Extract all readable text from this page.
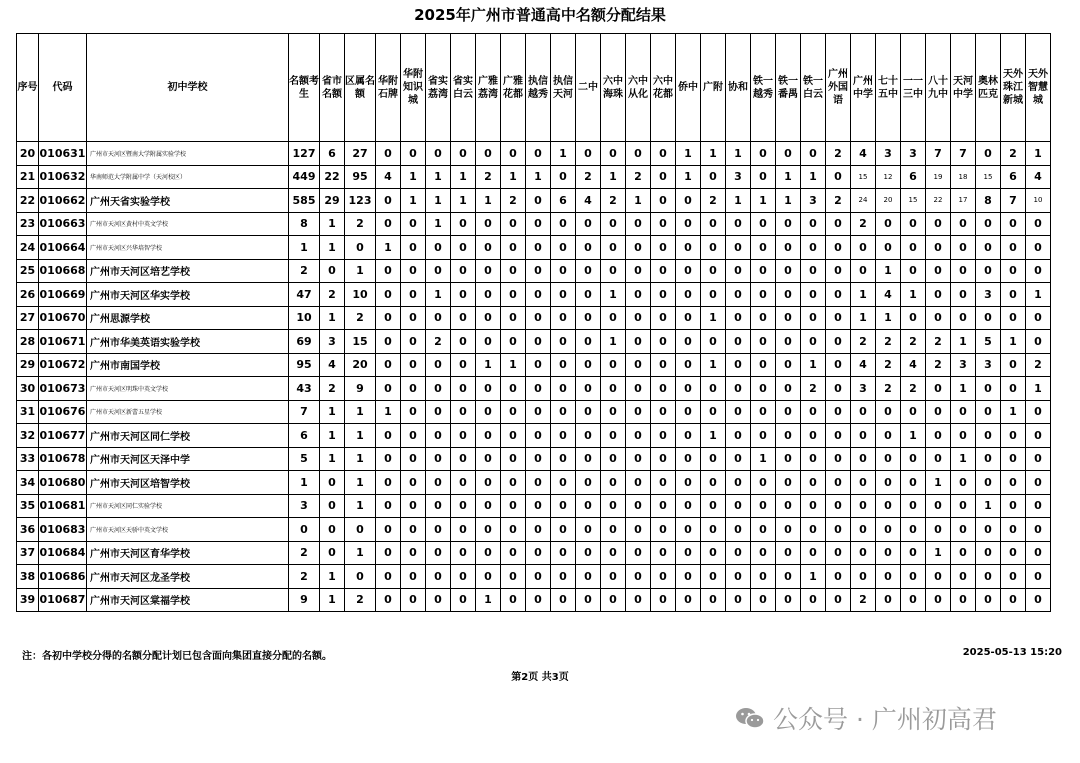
2025年广州市普通高中名额分配结果
序号	代码	初中学校	名额考生	省市名额	区属名额	华附石牌	华附知识城	省实荔湾	省实白云	广雅荔湾	广雅花都	执信越秀	执信天河	二中	六中海珠	六中从化	六中花都	侨中	广附	协和	铁一越秀	铁一番禺	铁一白云	广州外国语	广州中学	七十五中	一一三中	八十九中	天河中学	奥林匹克	天外珠江新城	天外智慧城
20	010631	广州市天河区暨南大学附属实验学校	127	6	27	0	0	0	0	0	0	0	1	0	0	0	0	1	1	1	0	0	0	2	4	3	3	7	7	0	2	1
21	010632	华南师范大学附属中学（天河校区）	449	22	95	4	1	1	1	2	1	1	0	2	1	2	0	1	0	3	0	1	1	0	15	12	6	19	18	15	6	4
22	010662	广州天省实验学校	585	29	123	0	1	1	1	1	2	0	6	4	2	1	0	0	2	1	1	1	3	2	24	20	15	22	17	8	7	10
23	010663	广州市天河区黄村中英文学校	8	1	2	0	0	1	0	0	0	0	0	0	0	0	0	0	0	0	0	0	0	0	2	0	0	0	0	0	0	0
24	010664	广州市天河区兴华培智学校	1	1	0	1	0	0	0	0	0	0	0	0	0	0	0	0	0	0	0	0	0	0	0	0	0	0	0	0	0	0
25	010668	广州市天河区培艺学校	2	0	1	0	0	0	0	0	0	0	0	0	0	0	0	0	0	0	0	0	0	0	0	1	0	0	0	0	0	0
26	010669	广州市天河区华实学校	47	2	10	0	0	1	0	0	0	0	0	0	1	0	0	0	0	0	0	0	0	0	1	4	1	0	0	3	0	1
27	010670	广州思源学校	10	1	2	0	0	0	0	0	0	0	0	0	0	0	0	0	1	0	0	0	0	0	1	1	0	0	0	0	0	0
28	010671	广州市华美英语实验学校	69	3	15	0	0	2	0	0	0	0	0	0	1	0	0	0	0	0	0	0	0	0	2	2	2	2	1	5	1	0
29	010672	广州市南国学校	95	4	20	0	0	0	0	1	1	0	0	0	0	0	0	0	1	0	0	0	1	0	4	2	4	2	3	3	0	2
30	010673	广州市天河区明珠中英文学校	43	2	9	0	0	0	0	0	0	0	0	0	0	0	0	0	0	0	0	0	2	0	3	2	2	0	1	0	0	1
31	010676	广州市天河区新蕾五星学校	7	1	1	1	0	0	0	0	0	0	0	0	0	0	0	0	0	0	0	0	0	0	0	0	0	0	0	0	1	0
32	010677	广州市天河区同仁学校	6	1	1	0	0	0	0	0	0	0	0	0	0	0	0	0	1	0	0	0	0	0	0	0	1	0	0	0	0	0
33	010678	广州市天河区天泽中学	5	1	1	0	0	0	0	0	0	0	0	0	0	0	0	0	0	0	1	0	0	0	0	0	0	0	1	0	0	0
34	010680	广州市天河区培智学校	1	0	1	0	0	0	0	0	0	0	0	0	0	0	0	0	0	0	0	0	0	0	0	0	0	1	0	0	0	0
35	010681	广州市天河区同仁实验学校	3	0	1	0	0	0	0	0	0	0	0	0	0	0	0	0	0	0	0	0	0	0	0	0	0	0	0	1	0	0
36	010683	广州市天河区天骄中英文学校	0	0	0	0	0	0	0	0	0	0	0	0	0	0	0	0	0	0	0	0	0	0	0	0	0	0	0	0	0	0
37	010684	广州市天河区育华学校	2	0	1	0	0	0	0	0	0	0	0	0	0	0	0	0	0	0	0	0	0	0	0	0	0	1	0	0	0	0
38	010686	广州市天河区龙圣学校	2	1	0	0	0	0	0	0	0	0	0	0	0	0	0	0	0	0	0	0	1	0	0	0	0	0	0	0	0	0
39	010687	广州市天河区棠福学校	9	1	2	0	0	0	0	1	0	0	0	0	0	0	0	0	0	0	0	0	0	0	2	0	0	0	0	0	0	0
注：各初中学校分得的名额分配计划已包含面向集团直接分配的名额。	2025-05-13 15:20
第2页 共3页
公众号 · 广州初高君
